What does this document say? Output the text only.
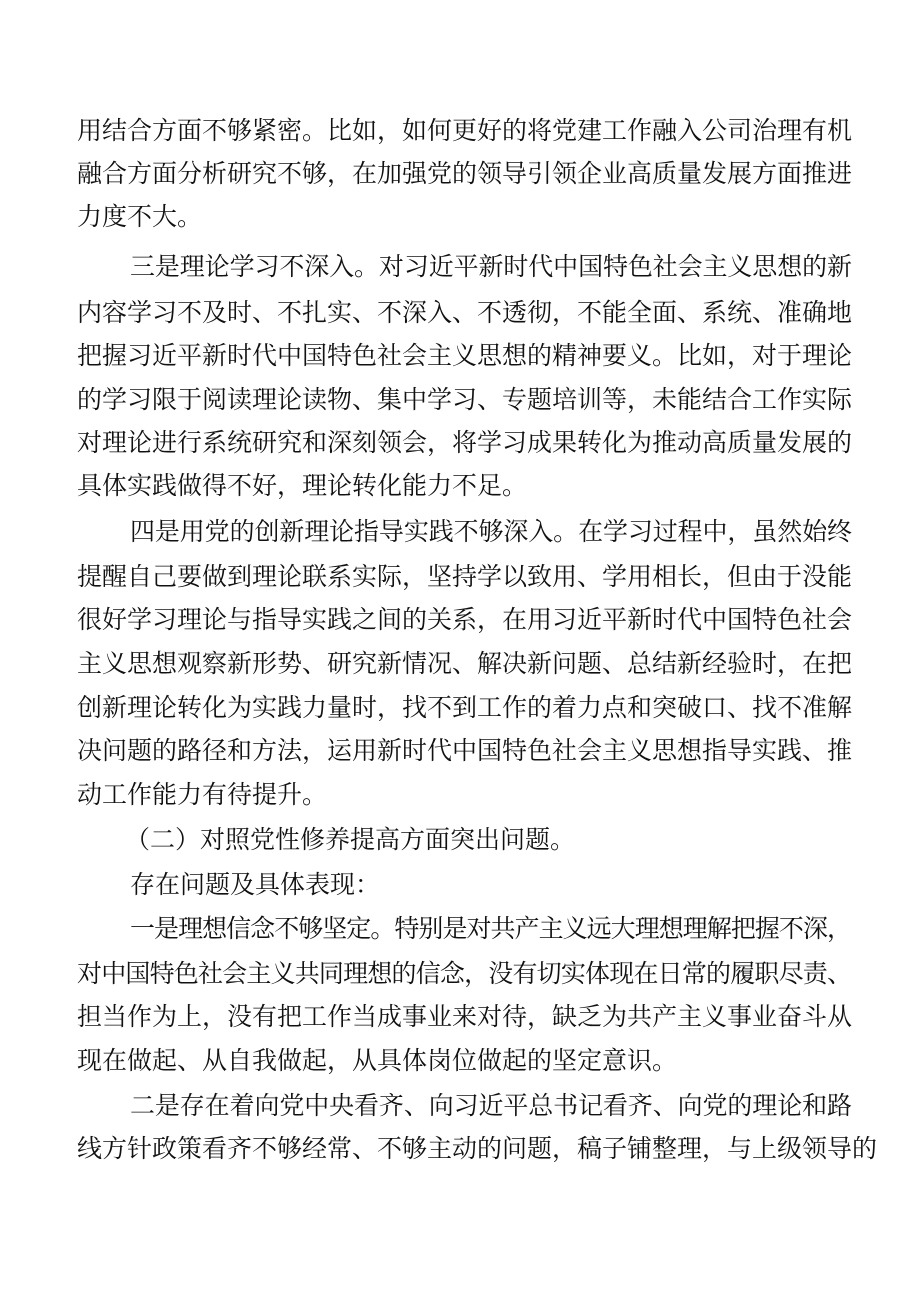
用结合方面不够紧密。比如，如何更好的将党建工作融入公司治理有机
融合方面分析研究不够，在加强党的领导引领企业高质量发展方面推进
力度不大。
三是理论学习不深入。对习近平新时代中国特色社会主义思想的新
内容学习不及时、不扎实、不深入、不透彻，不能全面、系统、准确地
把握习近平新时代中国特色社会主义思想的精神要义。比如，对于理论
的学习限于阅读理论读物、集中学习、专题培训等，未能结合工作实际
对理论进行系统研究和深刻领会，将学习成果转化为推动高质量发展的
具体实践做得不好，理论转化能力不足。
四是用党的创新理论指导实践不够深入。在学习过程中，虽然始终
提醒自己要做到理论联系实际，坚持学以致用、学用相长，但由于没能
很好学习理论与指导实践之间的关系，在用习近平新时代中国特色社会
主义思想观察新形势、研究新情况、解决新问题、总结新经验时，在把
创新理论转化为实践力量时，找不到工作的着力点和突破口、找不准解
决问题的路径和方法，运用新时代中国特色社会主义思想指导实践、推
动工作能力有待提升。
（二）对照党性修养提高方面突出问题。
存在问题及具体表现：
一是理想信念不够坚定。特别是对共产主义远大理想理解把握不深，
对中国特色社会主义共同理想的信念，没有切实体现在日常的履职尽责、
担当作为上，没有把工作当成事业来对待，缺乏为共产主义事业奋斗从
现在做起、从自我做起，从具体岗位做起的坚定意识。
二是存在着向党中央看齐、向习近平总书记看齐、向党的理论和路
线方针政策看齐不够经常、不够主动的问题，稿子铺整理，与上级领导的
